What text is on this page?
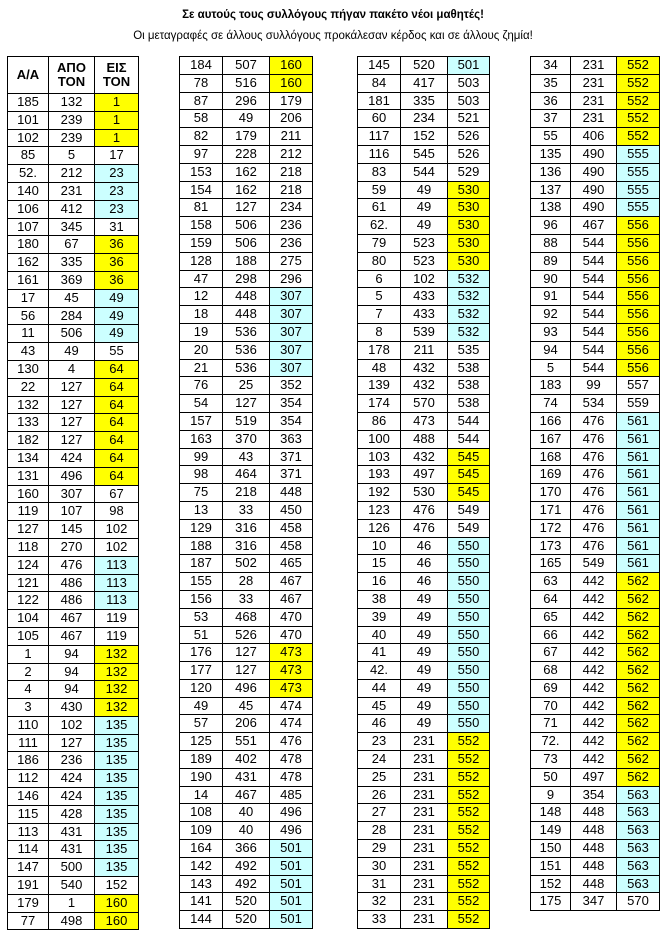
Σε αυτούς τους συλλόγους πήγαν πακέτο νέοι μαθητές!
Οι μεταγραφές σε άλλους συλλόγους προκάλεσαν κέρδος και σε άλλους ζημία!
Α/Α	ΑΠΟ ΤΟΝ	ΕΙΣ ΤΟΝ
185	132	1
101	239	1
102	239	1
85	5	17
52.	212	23
140	231	23
106	412	23
107	345	31
180	67	36
162	335	36
161	369	36
17	45	49
56	284	49
11	506	49
43	49	55
130	4	64
22	127	64
132	127	64
133	127	64
182	127	64
134	424	64
131	496	64
160	307	67
119	107	98
127	145	102
118	270	102
124	476	113
121	486	113
122	486	113
104	467	119
105	467	119
1	94	132
2	94	132
4	94	132
3	430	132
110	102	135
111	127	135
186	236	135
112	424	135
146	424	135
115	428	135
113	431	135
114	431	135
147	500	135
191	540	152
179	1	160
77	498	160
184	507	160
78	516	160
87	296	179
58	49	206
82	179	211
97	228	212
153	162	218
154	162	218
81	127	234
158	506	236
159	506	236
128	188	275
47	298	296
12	448	307
18	448	307
19	536	307
20	536	307
21	536	307
76	25	352
54	127	354
157	519	354
163	370	363
99	43	371
98	464	371
75	218	448
13	33	450
129	316	458
188	316	458
187	502	465
155	28	467
156	33	467
53	468	470
51	526	470
176	127	473
177	127	473
120	496	473
49	45	474
57	206	474
125	551	476
189	402	478
190	431	478
14	467	485
108	40	496
109	40	496
164	366	501
142	492	501
143	492	501
141	520	501
144	520	501
145	520	501
84	417	503
181	335	503
60	234	521
117	152	526
116	545	526
83	544	529
59	49	530
61	49	530
62.	49	530
79	523	530
80	523	530
6	102	532
5	433	532
7	433	532
8	539	532
178	211	535
48	432	538
139	432	538
174	570	538
86	473	544
100	488	544
103	432	545
193	497	545
192	530	545
123	476	549
126	476	549
10	46	550
15	46	550
16	46	550
38	49	550
39	49	550
40	49	550
41	49	550
42.	49	550
44	49	550
45	49	550
46	49	550
23	231	552
24	231	552
25	231	552
26	231	552
27	231	552
28	231	552
29	231	552
30	231	552
31	231	552
32	231	552
33	231	552
34	231	552
35	231	552
36	231	552
37	231	552
55	406	552
135	490	555
136	490	555
137	490	555
138	490	555
96	467	556
88	544	556
89	544	556
90	544	556
91	544	556
92	544	556
93	544	556
94	544	556
5	544	556
183	99	557
74	534	559
166	476	561
167	476	561
168	476	561
169	476	561
170	476	561
171	476	561
172	476	561
173	476	561
165	549	561
63	442	562
64	442	562
65	442	562
66	442	562
67	442	562
68	442	562
69	442	562
70	442	562
71	442	562
72.	442	562
73	442	562
50	497	562
9	354	563
148	448	563
149	448	563
150	448	563
151	448	563
152	448	563
175	347	570
